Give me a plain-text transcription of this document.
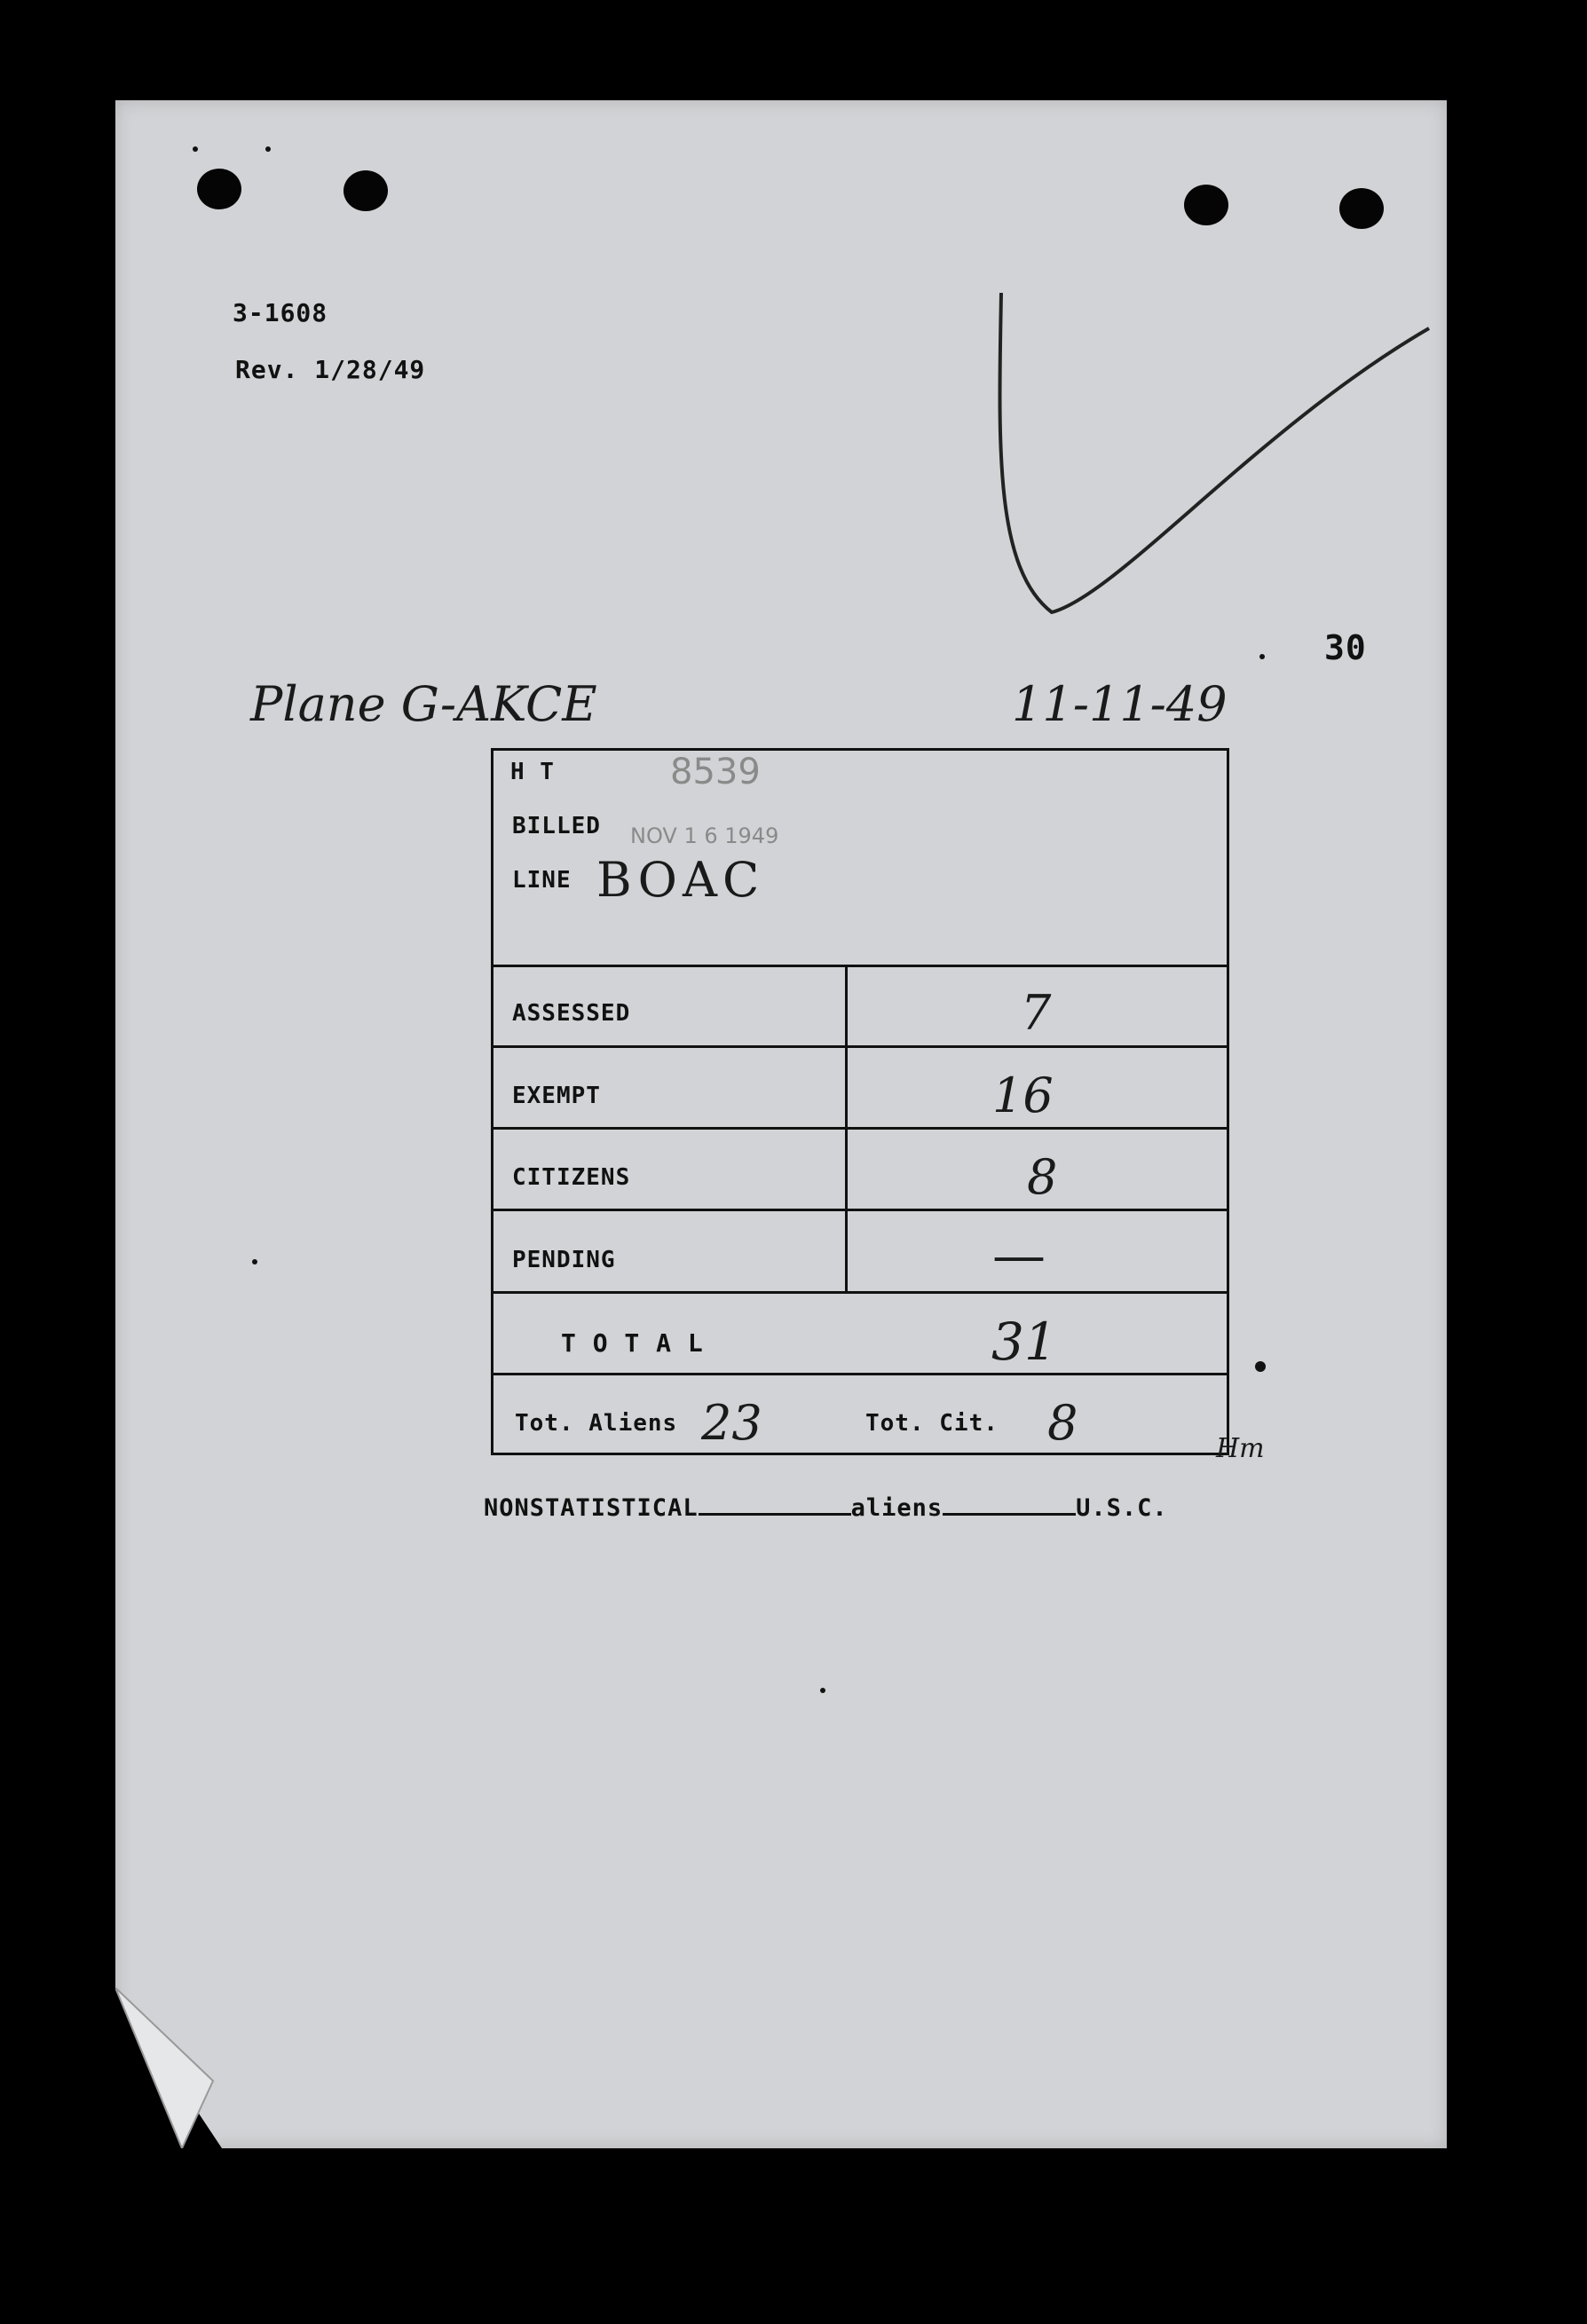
3-1608
Rev. 1/28/49
30
Plane G-AKCE	11-11-49
H T	8539
BILLED NOV 1 6 1949
LINE BOAC
ASSESSED	7
EXEMPT	16
CITIZENS	8
PENDING	—
T O T A L	31
Tot. Aliens 23	Tot. Cit. 8	Hm
NONSTATISTICAL	aliens	U.S.C.
